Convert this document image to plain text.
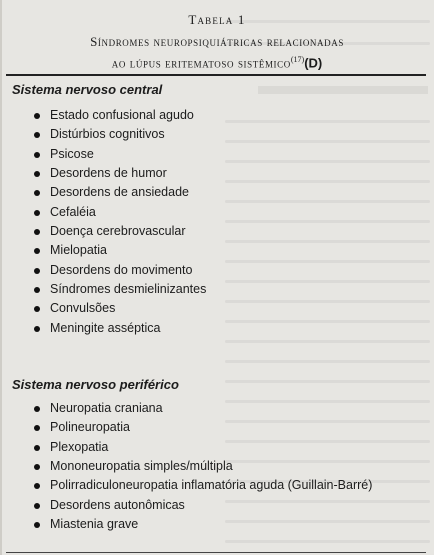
Tabela 1
Síndromes neuropsiquiátricas relacionadas
ao lúpus eritematoso sistêmico$^{(17)}$(D)
Sistema nervoso central
Estado confusional agudo
Distúrbios cognitivos
Psicose
Desordens de humor
Desordens de ansiedade
Cefaléia
Doença cerebrovascular
Mielopatia
Desordens do movimento
Síndromes desmielinizantes
Convulsões
Meningite asséptica
Sistema nervoso periférico
Neuropatia craniana
Polineuropatia
Plexopatia
Mononeuropatia simples/múltipla
Polirradiculoneuropatia inflamatória aguda (Guillain-Barré)
Desordens autonômicas
Miastenia grave
